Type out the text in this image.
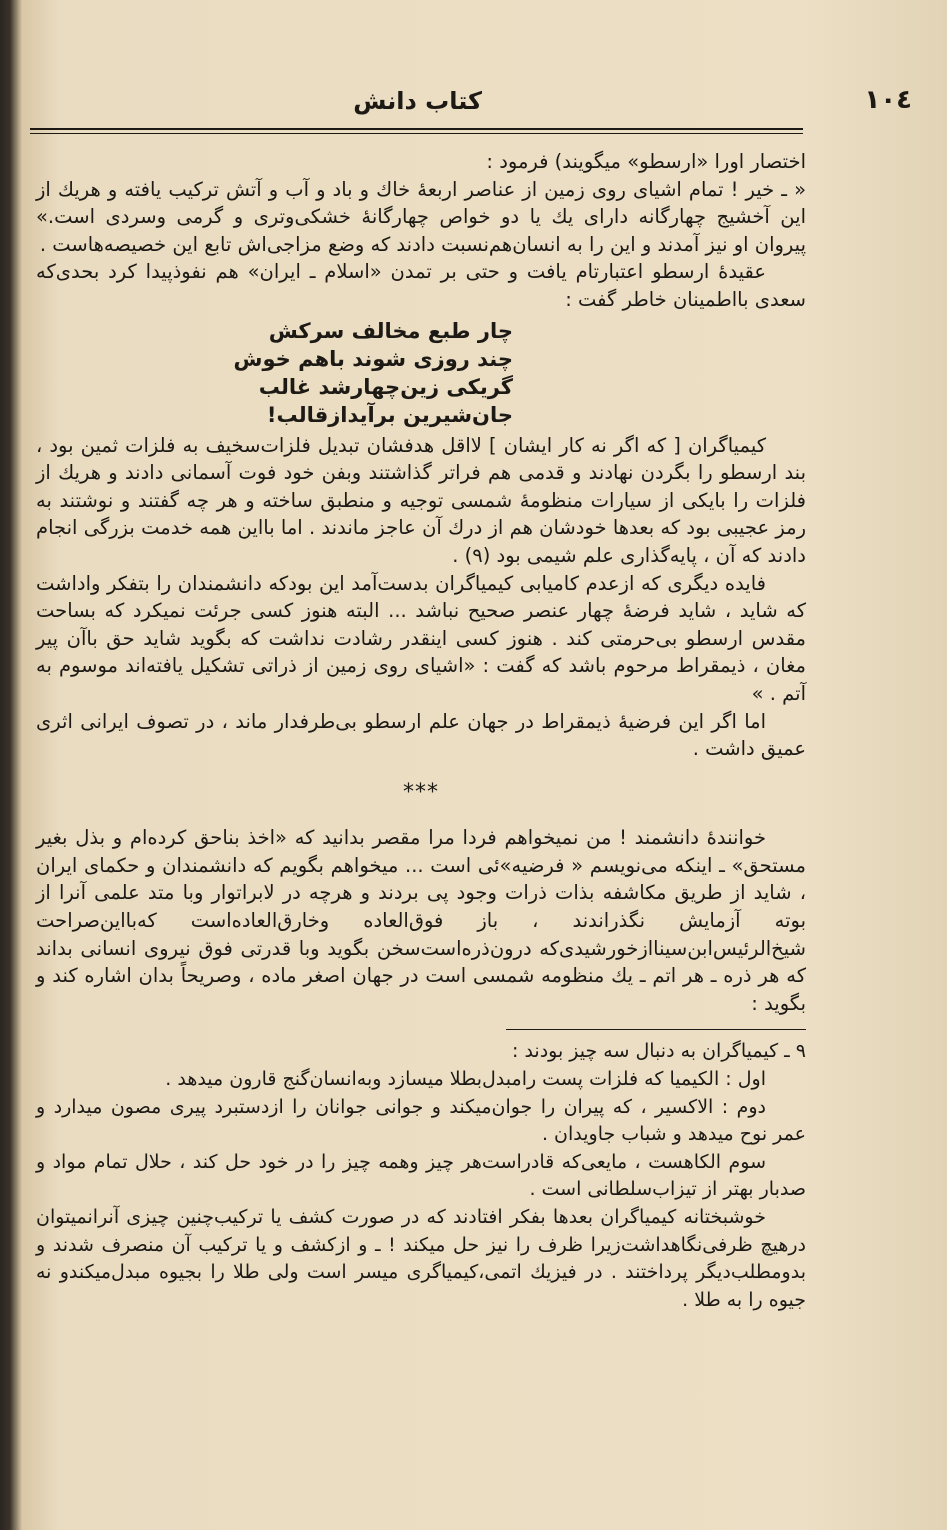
کتاب دانش	۱۰٤

اختصار اورا «ارسطو» میگویند) فرمود :

« ـ خیر ! تمام اشیای روی زمین از عناصر اربعهٔ خاك و باد و آب و آتش ترکیب یافته و هریك از این آخشیج چهارگانه دارای یك یا دو خواص چهارگانهٔ خشکی‌وتری و گرمی وسردی است.» پیروان او نیز آمدند و این را به انسان‌هم‌نسبت دادند که وضع مزاجی‌اش تابع این خصیصه‌هاست .

عقیدهٔ ارسطو اعتبارتام یافت و حتی بر تمدن «اسلام ـ ایران» هم نفوذپیدا کرد بحدی‌که سعدی بااطمینان خاطر گفت :

چار طبع مخالف سرکش
چند روزی شوند باهم خوش
گریکی زین‌چهارشد غالب
جان‌شیرین برآیدازقالب!

کیمیاگران [ که اگر نه کار ایشان ] لااقل هدفشان تبدیل فلزات‌سخیف به فلزات ثمین بود ، بند ارسطو را بگردن نهادند و قدمی هم فراتر گذاشتند وبفن خود فوت آسمانی دادند و هریك از فلزات را بایکی از سیارات منظومهٔ شمسی توجیه و منطبق ساخته و هر چه گفتند و نوشتند به رمز عجیبی بود که بعدها خودشان هم از درك آن عاجز ماندند . اما بااین همه خدمت بزرگی انجام دادند که آن ، پایه‌گذاری علم شیمی بود (۹) .

فایده دیگری که ازعدم کامیابی کیمیاگران بدست‌آمد این بودکه دانشمندان را بتفکر واداشت که شاید ، شاید فرضهٔ چهار عنصر صحیح نباشد ... البته هنوز کسی جرئت نمیکرد که بساحت مقدس ارسطو بی‌حرمتی کند . هنوز کسی اینقدر رشادت نداشت که بگوید شاید حق باآن پیر مغان ، ذیمقراط مرحوم باشد که گفت : «اشیای روی زمین از ذراتی تشکیل یافته‌اند موسوم به آتم . »

اما اگر این فرضیهٔ ذیمقراط در جهان علم ارسطو بی‌طرفدار ماند ، در تصوف ایرانی اثری عمیق داشت .

***

خوانندهٔ دانشمند ! من نمیخواهم فردا مرا مقصر بدانید که «اخذ بناحق کرده‌ام و بذل بغیر مستحق» ـ اینکه می‌نویسم « فرضیه»ئی است ... میخواهم بگویم که دانشمندان و حکمای ایران ، شاید از طریق مکاشفه بذات ذرات وجود پی بردند و هرچه در لابراتوار وبا متد علمی آنرا از بوته آزمایش نگذراندند ، باز فوق‌العاده وخارق‌العاده‌است که‌بااین‌صراحت شیخ‌الرئیس‌ابن‌سینااز‌خورشیدی‌که درون‌ذره‌است‌سخن بگوید وبا قدرتی فوق نیروی انسانی بداند که هر ذره ـ هر اتم ـ یك منظومه شمسی است در جهان اصغر ماده ، وصریحاً بدان اشاره کند و بگوید :

۹ ـ کیمیاگران به دنبال سه چیز بودند :

اول : الکیمیا که فلزات پست رامبدل‌بطلا میسازد وبه‌انسان‌گنج قارون میدهد .

دوم : الاکسیر ، که پیران را جوان‌میکند و جوانی جوانان را ازدستبرد پیری مصون میدارد و عمر نوح میدهد و شباب جاویدان .

سوم الکاهست ، مایعی‌که قادراست‌هر چیز وهمه چیز را در خود حل کند ، حلال تمام مواد و صدبار بهتر از تیزاب‌سلطانی است .

خوشبختانه کیمیاگران بعدها بفکر افتادند که در صورت کشف یا ترکیب‌چنین چیزی آنرانمیتوان درهیچ ظرفی‌نگاهداشت‌زیرا ظرف را نیز حل میکند ! ـ و ازکشف و یا ترکیب آن منصرف شدند و بدومطلب‌دیگر پرداختند . در فیزیك اتمی،کیمیاگری میسر است ولی طلا را بجیوه مبدل‌میکندو نه جیوه را به طلا .
